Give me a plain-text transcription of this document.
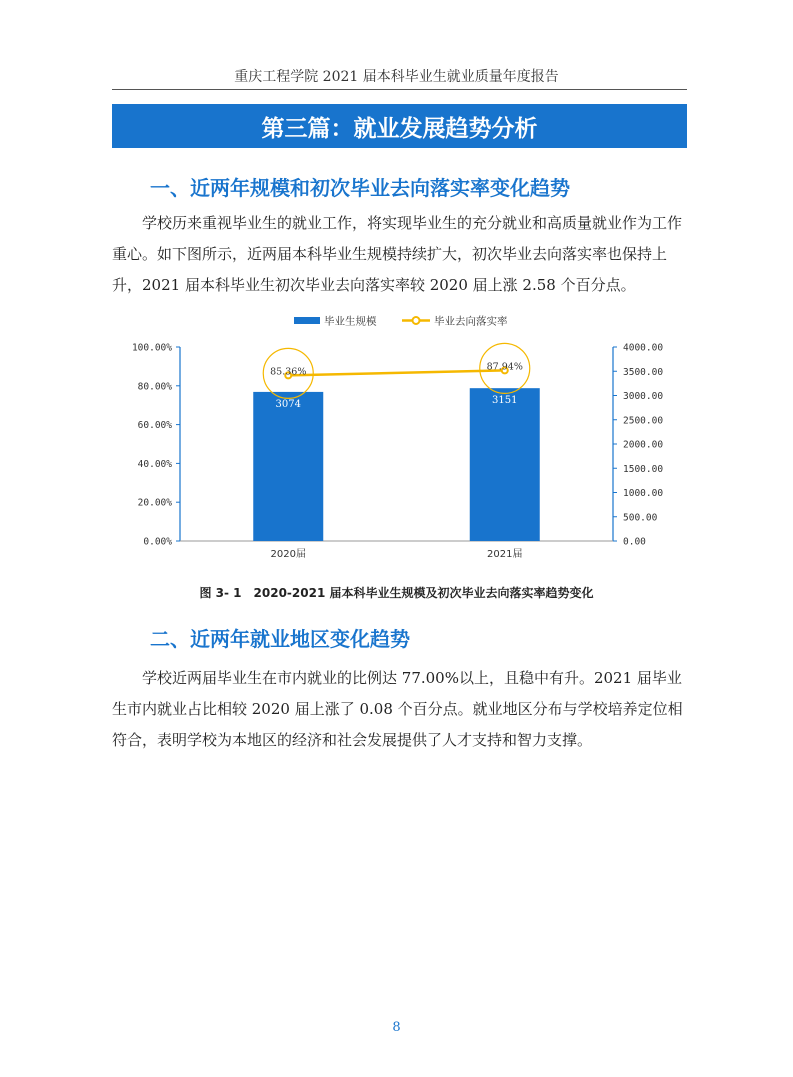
重庆工程学院 2021 届本科毕业生就业质量年度报告
第三篇：就业发展趋势分析
一、近两年规模和初次毕业去向落实率变化趋势

学校历来重视毕业生的就业工作，将实现毕业生的充分就业和高质量就业作为工作重心。如下图所示，近两届本科毕业生规模持续扩大，初次毕业去向落实率也保持上升，2021 届本科毕业生初次毕业去向落实率较 2020 届上涨 2.58 个百分点。

毕业生规模	毕业去向落实率
0.00%
20.00%
40.00%
60.00%
80.00%
100.00%
0.00
500.00
1000.00
1500.00
2000.00
2500.00
3000.00
3500.00
4000.00
2020届
3074
2021届
3151
85.36%	87.94%
图 3- 1　2020-2021 届本科毕业生规模及初次毕业去向落实率趋势变化
二、近两年就业地区变化趋势

学校近两届毕业生在市内就业的比例达 77.00%以上，且稳中有升。2021 届毕业生市内就业占比相较 2020 届上涨了 0.08 个百分点。就业地区分布与学校培养定位相符合，表明学校为本地区的经济和社会发展提供了人才支持和智力支撑。

8
